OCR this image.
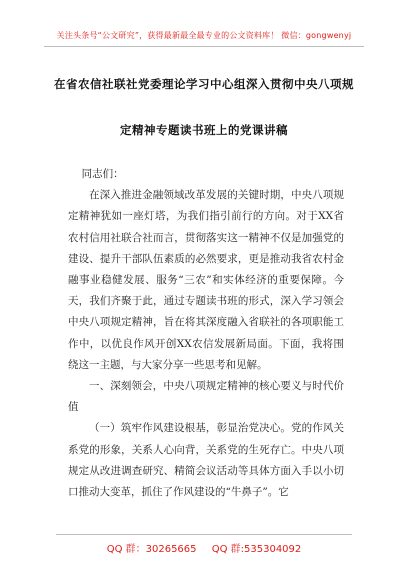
关注头条号“公文研究”，获得最新最全最专业的公文资料库！ 微信：gongwenyj
在省农信社联社党委理论学习中心组深入贯彻中央八项规
定精神专题读书班上的党课讲稿

同志们：

在深入推进金融领域改革发展的关键时期，中央八项规定精神犹如一座灯塔，为我们指引前行的方向。对于XX省农村信用社联合社而言，贯彻落实这一精神不仅是加强党的建设、提升干部队伍素质的必然要求，更是推动我省农村金融事业稳健发展、服务“三农”和实体经济的重要保障。今天，我们齐聚于此，通过专题读书班的形式，深入学习领会中央八项规定精神，旨在将其深度融入省联社的各项职能工作中，以优良作风开创XX农信发展新局面。下面，我将围绕这一主题，与大家分享一些思考和见解。

一、深刻领会，中央八项规定精神的核心要义与时代价值

（一）筑牢作风建设根基，彰显治党决心。党的作风关系党的形象，关系人心向背，关系党的生死存亡。中央八项规定从改进调查研究、精简会议活动等具体方面入手以小切口推动大变革，抓住了作风建设的“牛鼻子”。它

QQ 群：30265665 QQ 群:535304092
